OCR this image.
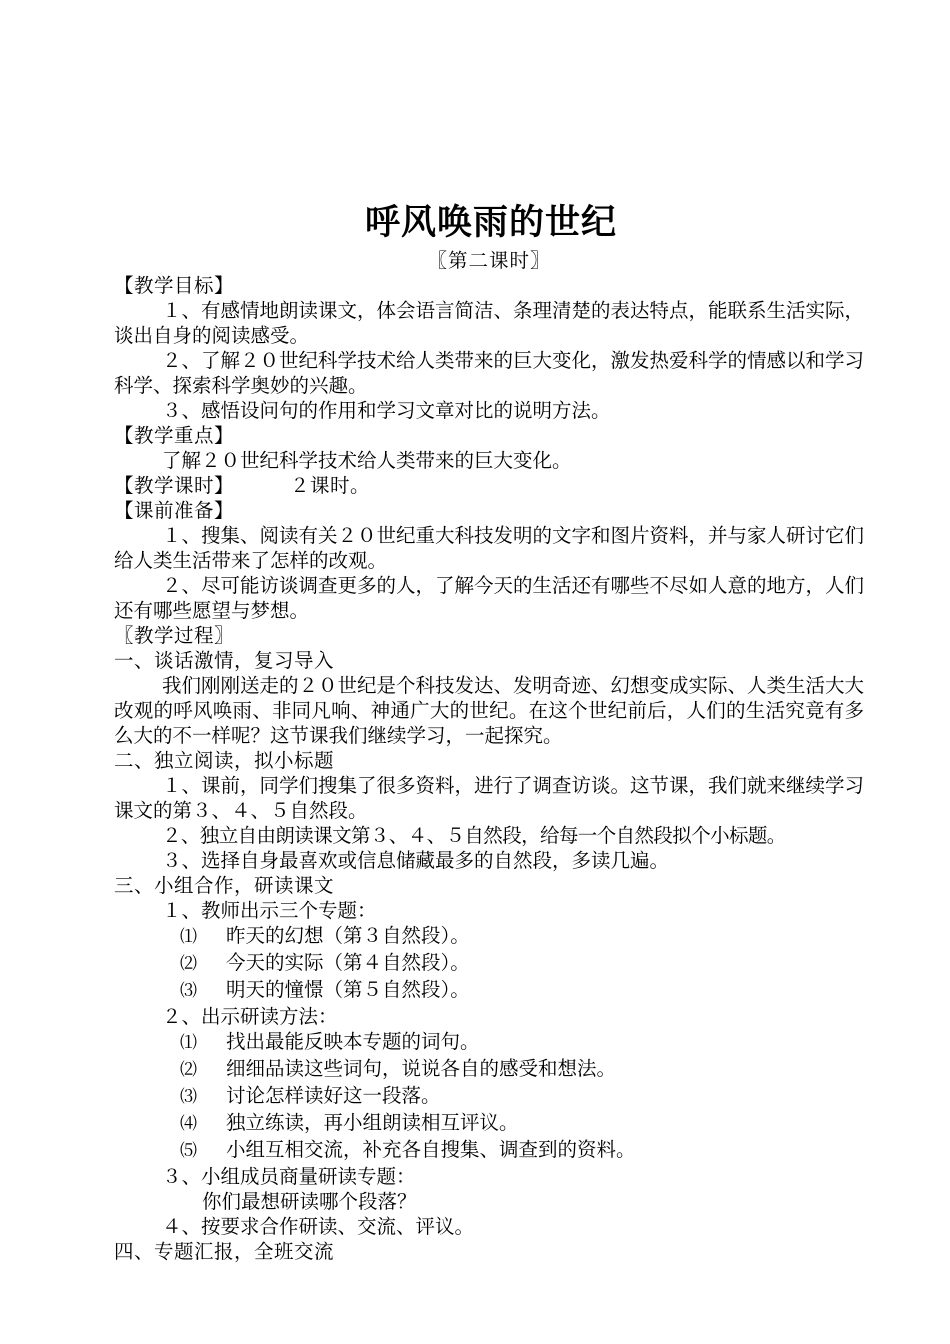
呼风唤雨的世纪

〖第二课时〗

【教学目标】

１、有感情地朗读课文，体会语言简洁、条理清楚的表达特点，能联系生活实际，谈出自身的阅读感受。

２、了解２０世纪科学技术给人类带来的巨大变化，激发热爱科学的情感以和学习科学、探索科学奥妙的兴趣。

３、感悟设问句的作用和学习文章对比的说明方法。

【教学重点】

了解２０世纪科学技术给人类带来的巨大变化。

【教学课时】	２课时。

【课前准备】

１、搜集、阅读有关２０世纪重大科技发明的文字和图片资料，并与家人研讨它们给人类生活带来了怎样的改观。

２、尽可能访谈调查更多的人，了解今天的生活还有哪些不尽如人意的地方，人们还有哪些愿望与梦想。

〖教学过程〗

一、谈话激情，复习导入

我们刚刚送走的２０世纪是个科技发达、发明奇迹、幻想变成实际、人类生活大大改观的呼风唤雨、非同凡响、神通广大的世纪。在这个世纪前后，人们的生活究竟有多么大的不一样呢？这节课我们继续学习，一起探究。

二、独立阅读，拟小标题

１、课前，同学们搜集了很多资料，进行了调查访谈。这节课，我们就来继续学习课文的第３、４、５自然段。

２、独立自由朗读课文第３、４、５自然段，给每一个自然段拟个小标题。

３、选择自身最喜欢或信息储藏最多的自然段，多读几遍。

三、小组合作，研读课文

１、教师出示三个专题：

⑴ 昨天的幻想（第３自然段）。

⑵ 今天的实际（第４自然段）。

⑶ 明天的憧憬（第５自然段）。

２、出示研读方法：

⑴ 找出最能反映本专题的词句。

⑵ 细细品读这些词句，说说各自的感受和想法。

⑶ 讨论怎样读好这一段落。

⑷ 独立练读，再小组朗读相互评议。

⑸ 小组互相交流，补充各自搜集、调查到的资料。

３、小组成员商量研读专题：

你们最想研读哪个段落？

４、按要求合作研读、交流、评议。

四、专题汇报，全班交流
